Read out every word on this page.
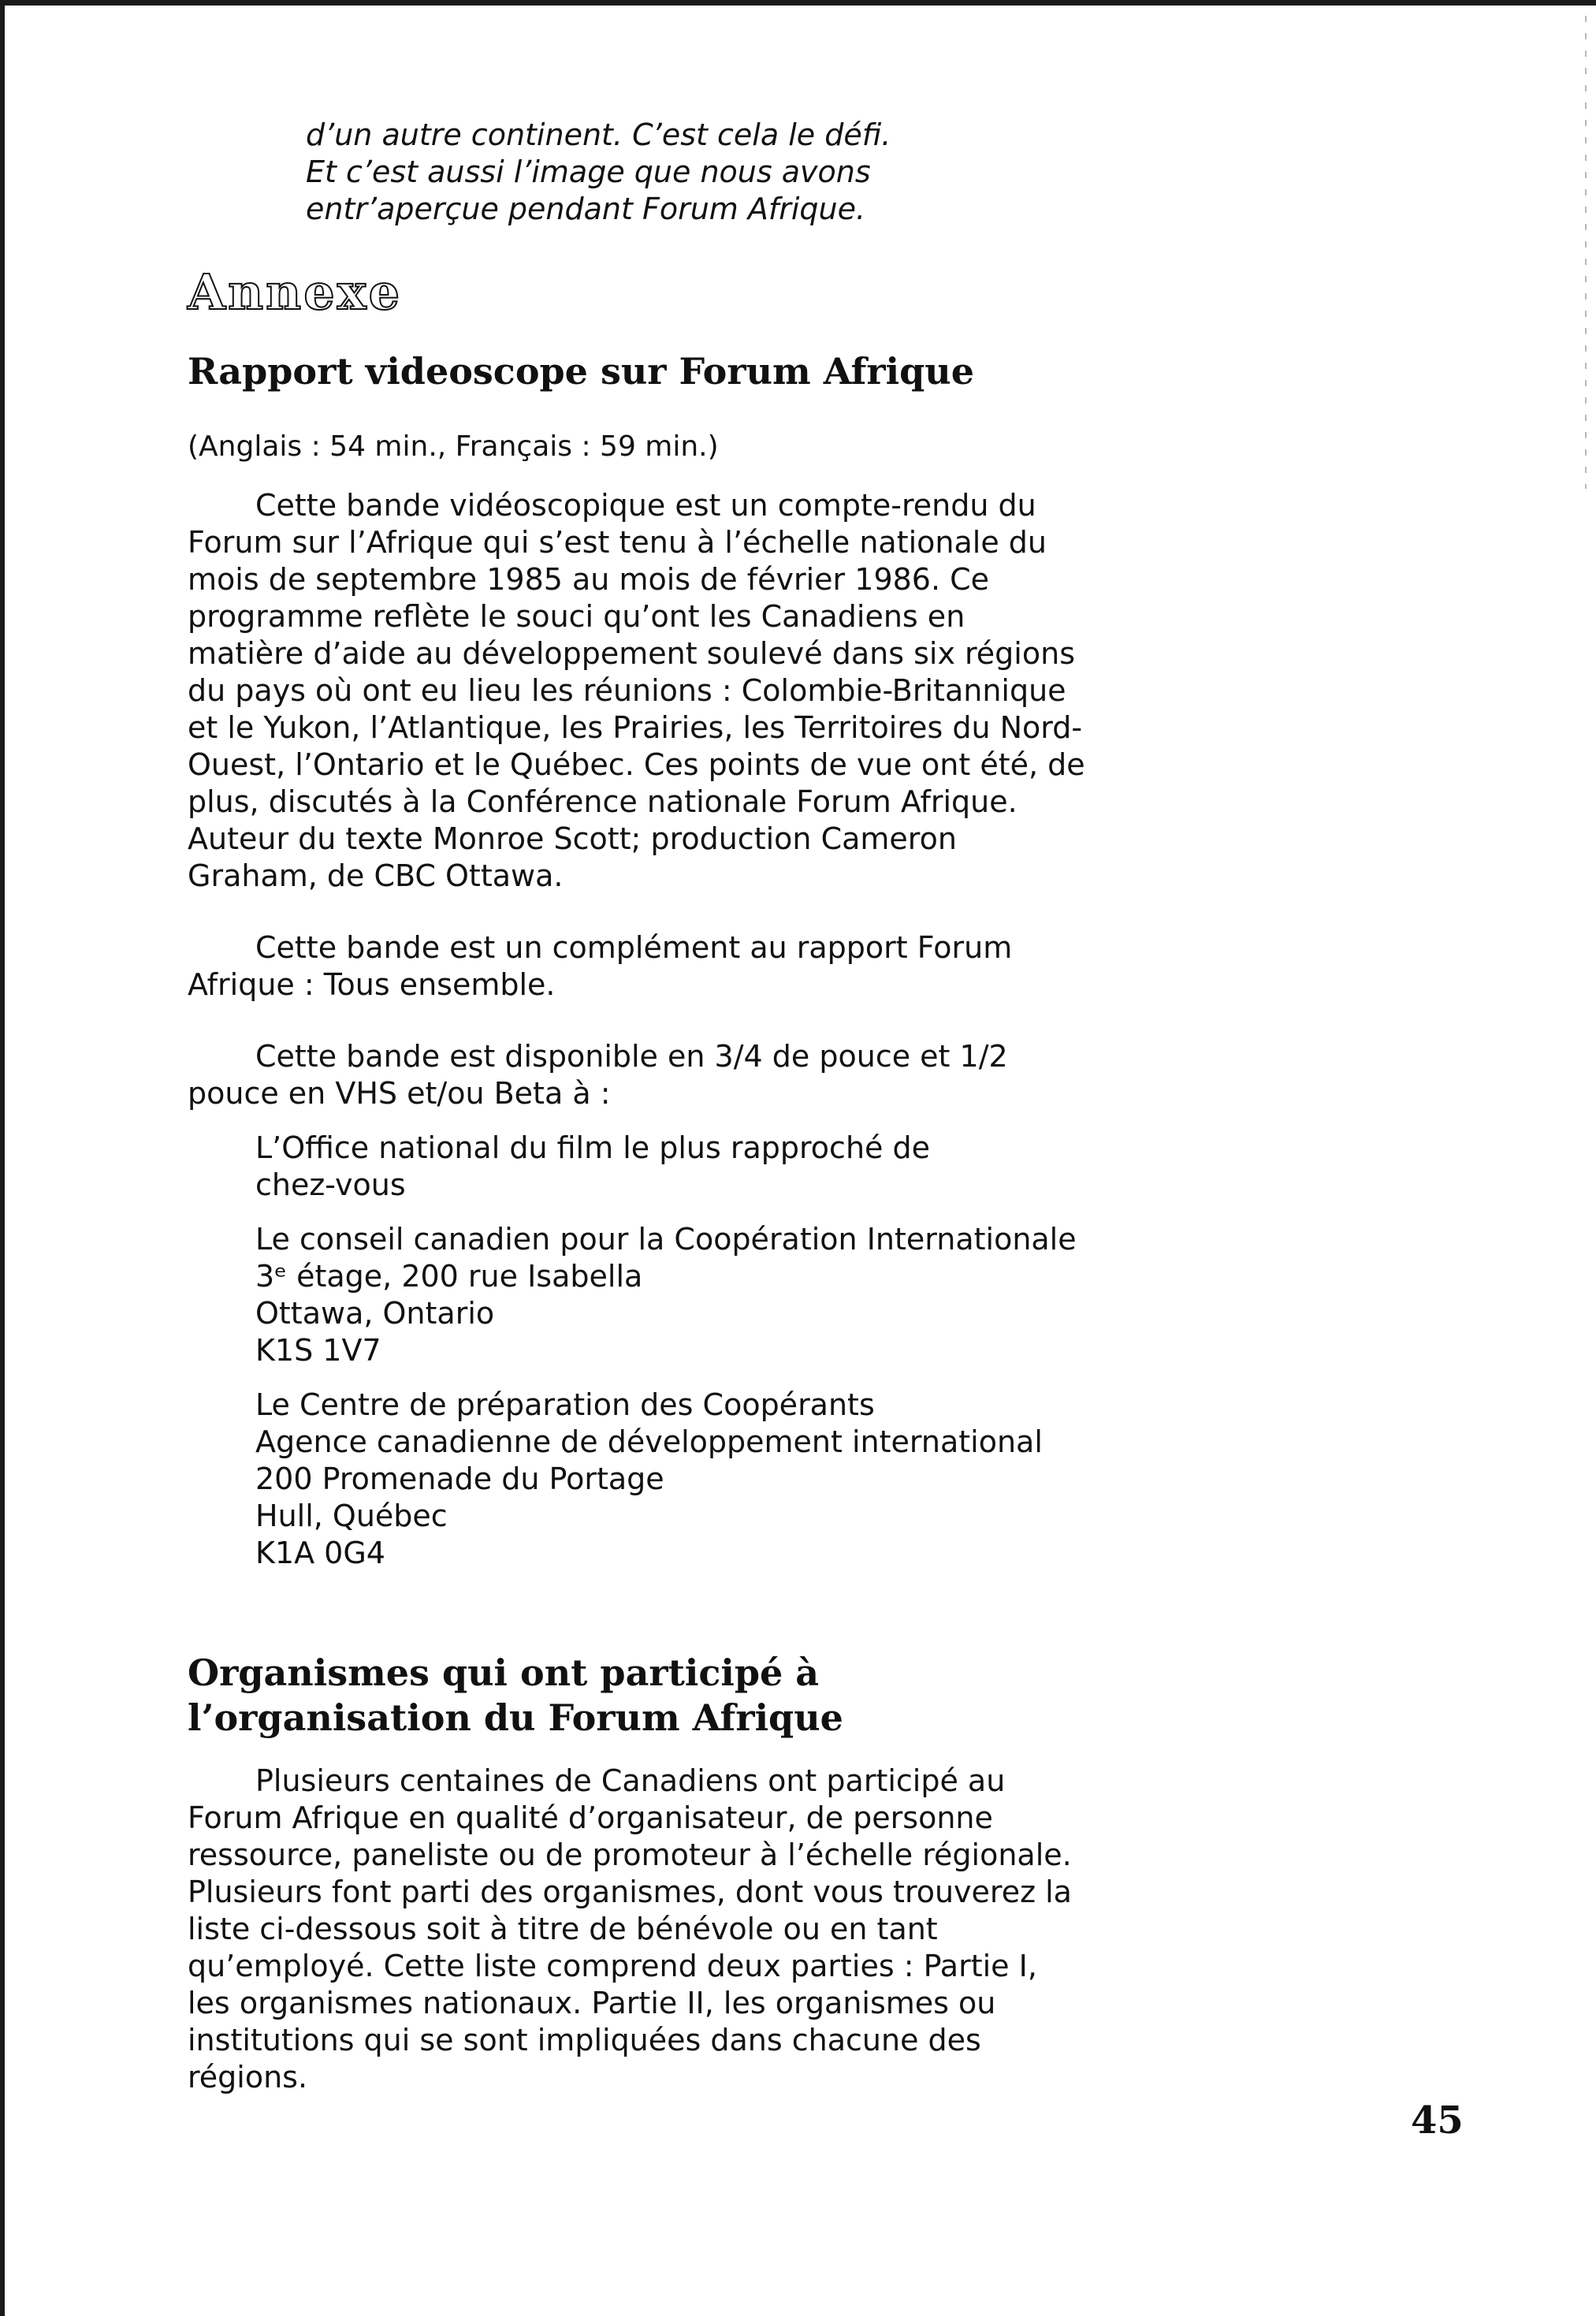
d’un autre continent. C’est cela le défi.
Et c’est aussi l’image que nous avons
entr’aperçue pendant Forum Afrique.

Annexe
Rapport videoscope sur Forum Afrique

(Anglais : 54 min., Français : 59 min.)

Cette bande vidéoscopique est un compte-rendu du Forum sur l’Afrique qui s’est tenu à l’échelle nationale du mois de septembre 1985 au mois de février 1986. Ce programme reflète le souci qu’ont les Canadiens en matière d’aide au développement soulevé dans six régions du pays où ont eu lieu les réunions : Colombie-Britannique et le Yukon, l’Atlantique, les Prairies, les Territoires du Nord-Ouest, l’Ontario et le Québec. Ces points de vue ont été, de plus, discutés à la Conférence nationale Forum Afrique. Auteur du texte Monroe Scott; production Cameron Graham, de CBC Ottawa.

Cette bande est un complément au rapport Forum Afrique : Tous ensemble.

Cette bande est disponible en 3/4 de pouce et 1/2 pouce en VHS et/ou Beta à :

L’Office national du film le plus rapproché de
chez-vous

Le conseil canadien pour la Coopération Internationale
3ᵉ étage, 200 rue Isabella
Ottawa, Ontario
K1S 1V7

Le Centre de préparation des Coopérants
Agence canadienne de développement international
200 Promenade du Portage
Hull, Québec
K1A 0G4

Organismes qui ont participé à l’organisation du Forum Afrique

Plusieurs centaines de Canadiens ont participé au Forum Afrique en qualité d’organisateur, de personne ressource, paneliste ou de promoteur à l’échelle régionale. Plusieurs font parti des organismes, dont vous trouverez la liste ci-dessous soit à titre de bénévole ou en tant qu’employé. Cette liste comprend deux parties : Partie I, les organismes nationaux. Partie II, les organismes ou institutions qui se sont impliquées dans chacune des régions.

45
